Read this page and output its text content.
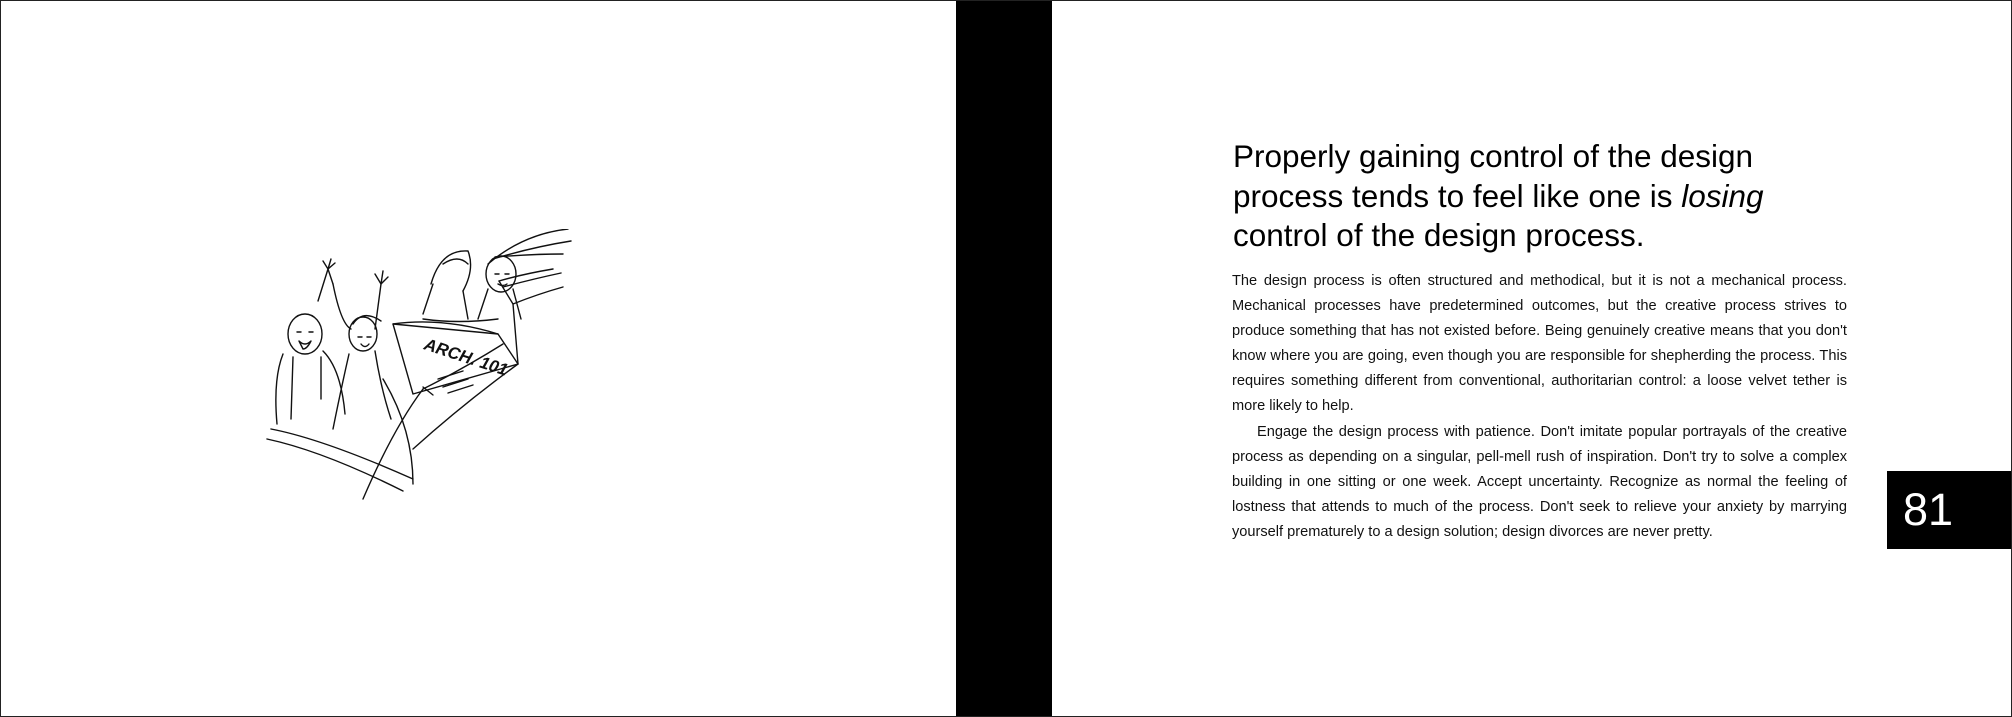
ARCH. 101
Properly gaining control of the design process tends to feel like one is losing control of the design process.

The design process is often structured and methodical, but it is not a mechanical process. Mechanical processes have predetermined outcomes, but the creative process strives to produce something that has not existed before. Being genuinely creative means that you don't know where you are going, even though you are responsible for shepherding the process. This requires something different from conventional, authoritarian control: a loose velvet tether is more likely to help.

Engage the design process with patience. Don't imitate popular portrayals of the creative process as depending on a singular, pell-mell rush of inspiration. Don't try to solve a complex building in one sitting or one week. Accept uncertainty. Recognize as normal the feeling of lostness that attends to much of the process. Don't seek to relieve your anxiety by marrying yourself prematurely to a design solution; design divorces are never pretty.	81
